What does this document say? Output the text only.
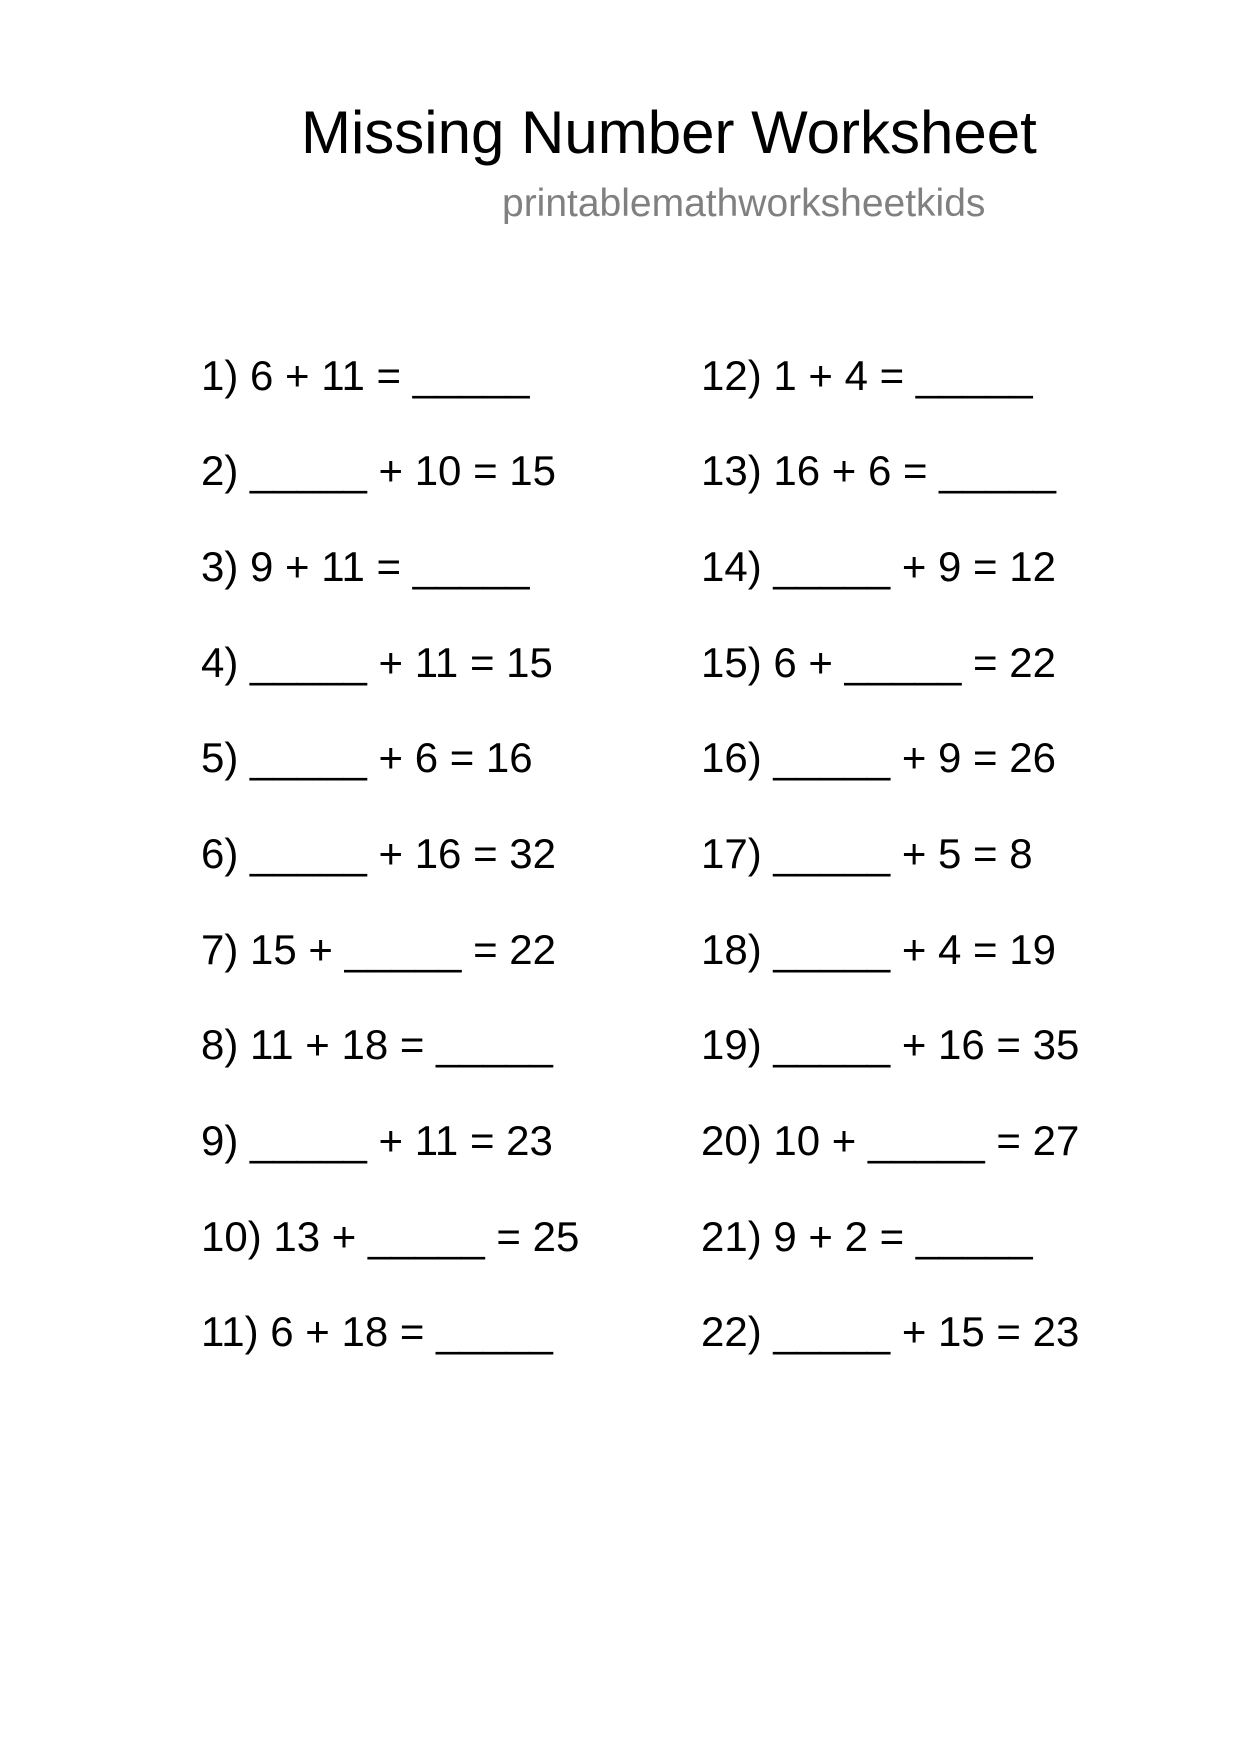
Missing Number Worksheet
printablemathworksheetkids
1) 6 + 11 = _____
2) _____ + 10 = 15
3) 9 + 11 = _____
4) _____ + 11 = 15
5) _____ + 6 = 16
6) _____ + 16 = 32
7) 15 + _____ = 22
8) 11 + 18 = _____
9) _____ + 11 = 23
10) 13 + _____ = 25
11) 6 + 18 = _____
12) 1 + 4 = _____
13) 16 + 6 = _____
14) _____ + 9 = 12
15) 6 + _____ = 22
16) _____ + 9 = 26
17) _____ + 5 = 8
18) _____ + 4 = 19
19) _____ + 16 = 35
20) 10 + _____ = 27
21) 9 + 2 = _____
22) _____ + 15 = 23
